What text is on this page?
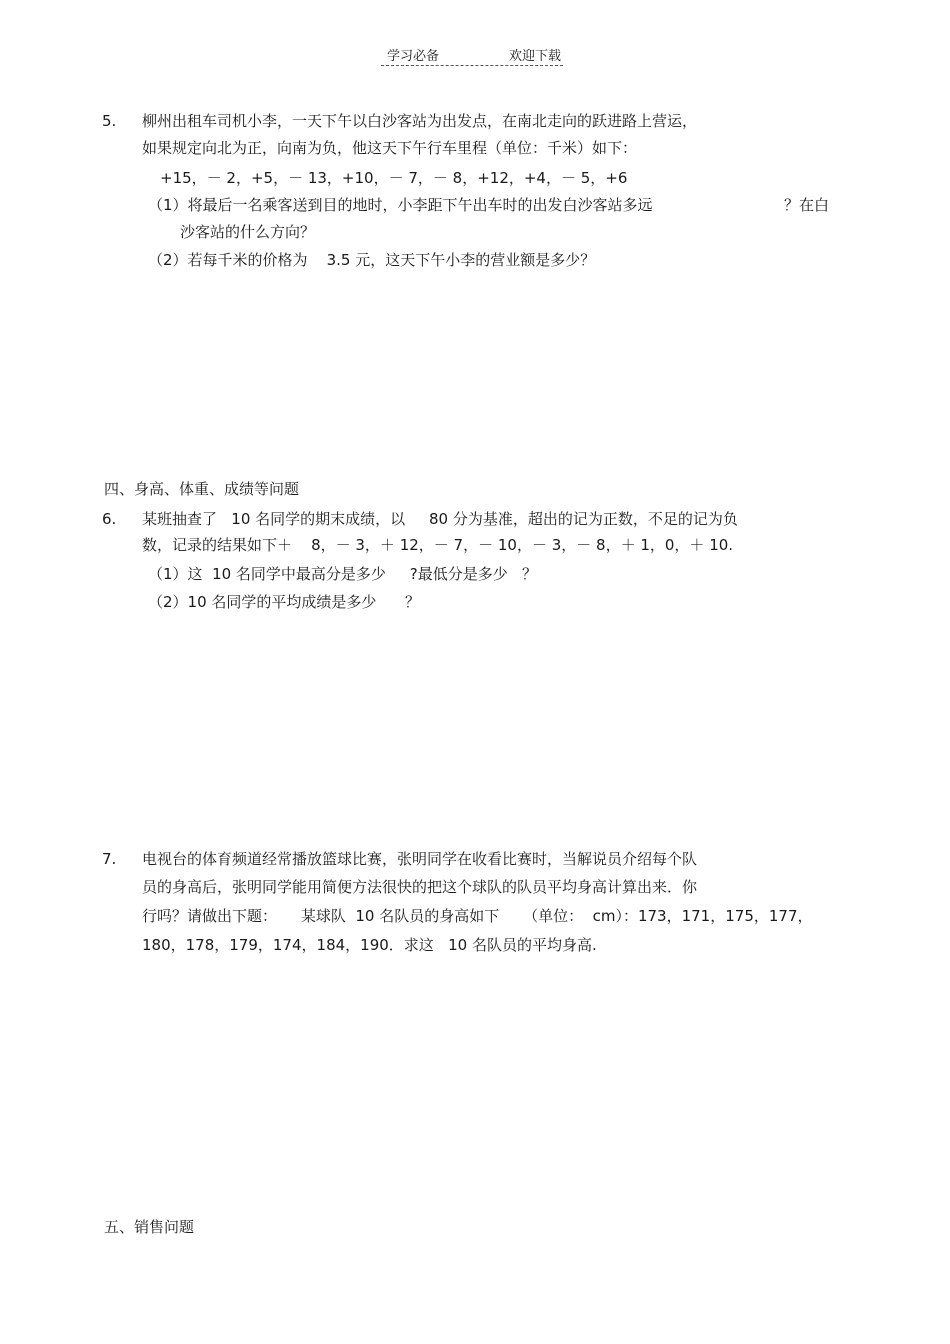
学习必备	欢迎下载
5. 柳州出租车司机小李，一天下午以白沙客站为出发点，在南北走向的跃进路上营运，
如果规定向北为正，向南为负，他这天下午行车里程（单位：千米）如下：
+15，－ 2，+5，－ 13，+10，－ 7，－ 8，+12，+4，－ 5，+6
（1）将最后一名乘客送到目的地时，小李距下午出车时的出发白沙客站多远	？在白
沙客站的什么方向？
（2）若每千米的价格为    3.5 元，这天下午小李的营业额是多少？
四、身高、体重、成绩等问题
6. 某班抽查了   10 名同学的期末成绩，以     80 分为基准，超出的记为正数，不足的记为负
数，记录的结果如下＋    8，－ 3，＋ 12，－ 7，－ 10，－ 3，－ 8，＋ 1，0，＋ 10.
（1）这  10 名同学中最高分是多少     ?最低分是多少   ？
（2）10 名同学的平均成绩是多少      ？
7. 电视台的体育频道经常播放篮球比赛，张明同学在收看比赛时，当解说员介绍每个队
员的身高后，张明同学能用简便方法很快的把这个球队的队员平均身高计算出来．你
行吗？请做出下题：     某球队  10 名队员的身高如下     （单位：  cm）：173，171，175，177，
180，178，179，174，184，190．求这   10 名队员的平均身高.
五、销售问题
